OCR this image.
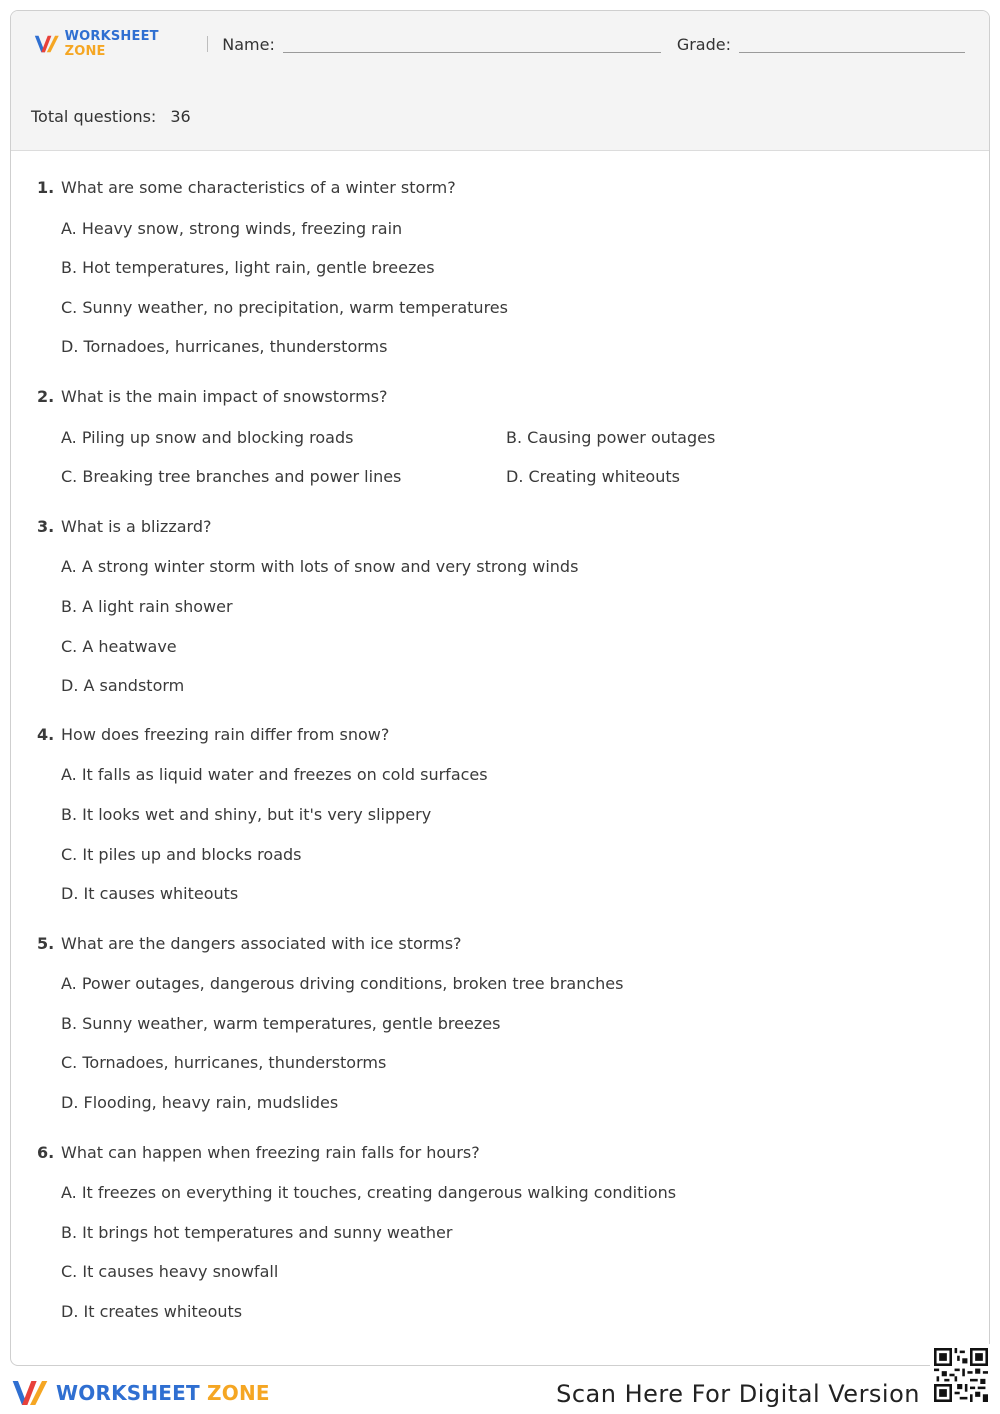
WORKSHEET ZONE	Name:	Grade:
Total questions: 36
1. What are some characteristics of a winter storm?
A. Heavy snow, strong winds, freezing rain
B. Hot temperatures, light rain, gentle breezes
C. Sunny weather, no precipitation, warm temperatures
D. Tornadoes, hurricanes, thunderstorms
2. What is the main impact of snowstorms?
A. Piling up snow and blocking roads	B. Causing power outages
C. Breaking tree branches and power lines	D. Creating whiteouts
3. What is a blizzard?
A. A strong winter storm with lots of snow and very strong winds
B. A light rain shower
C. A heatwave
D. A sandstorm
4. How does freezing rain differ from snow?
A. It falls as liquid water and freezes on cold surfaces
B. It looks wet and shiny, but it's very slippery
C. It piles up and blocks roads
D. It causes whiteouts
5. What are the dangers associated with ice storms?
A. Power outages, dangerous driving conditions, broken tree branches
B. Sunny weather, warm temperatures, gentle breezes
C. Tornadoes, hurricanes, thunderstorms
D. Flooding, heavy rain, mudslides
6. What can happen when freezing rain falls for hours?
A. It freezes on everything it touches, creating dangerous walking conditions
B. It brings hot temperatures and sunny weather
C. It causes heavy snowfall
D. It creates whiteouts
WORKSHEET ZONE	Scan Here For Digital Version
